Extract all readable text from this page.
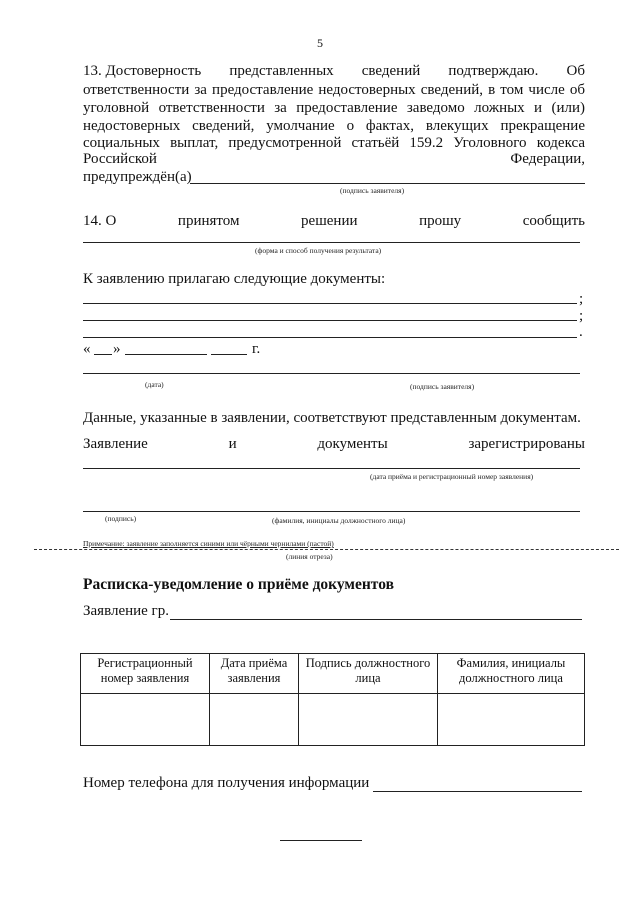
5
13. Достоверность представленных сведений подтверждаю. Об
ответственности за предоставление недостоверных сведений, в том числе об
уголовной ответственности за предоставление заведомо ложных и (или)
недостоверных сведений, умолчание о фактах, влекущих прекращение
социальных выплат, предусмотренной статьёй 159.2 Уголовного кодекса
Российской	Федерации,
предупреждён(а)
(подпись заявителя)
14. О	принятом	решении	прошу	сообщить
(форма и способ получения результата)
К заявлению прилагаю следующие документы:
;
;
.
« »	г.
(дата)	(подпись заявителя)
Данные, указанные в заявлении, соответствуют представленным документам.
Заявление	и	документы	зарегистрированы
(дата приёма и регистрационный номер заявления)
(подпись)	(фамилия, инициалы должностного лица)
Примечание: заявление заполняется синими или чёрными чернилами (пастой)
(линия отреза)
Расписка-уведомление о приёме документов
Заявление гр.
Регистрационный номер заявления	Дата приёма заявления	Подпись должностного лица	Фамилия, инициалы должностного лица

Номер телефона для получения информации
